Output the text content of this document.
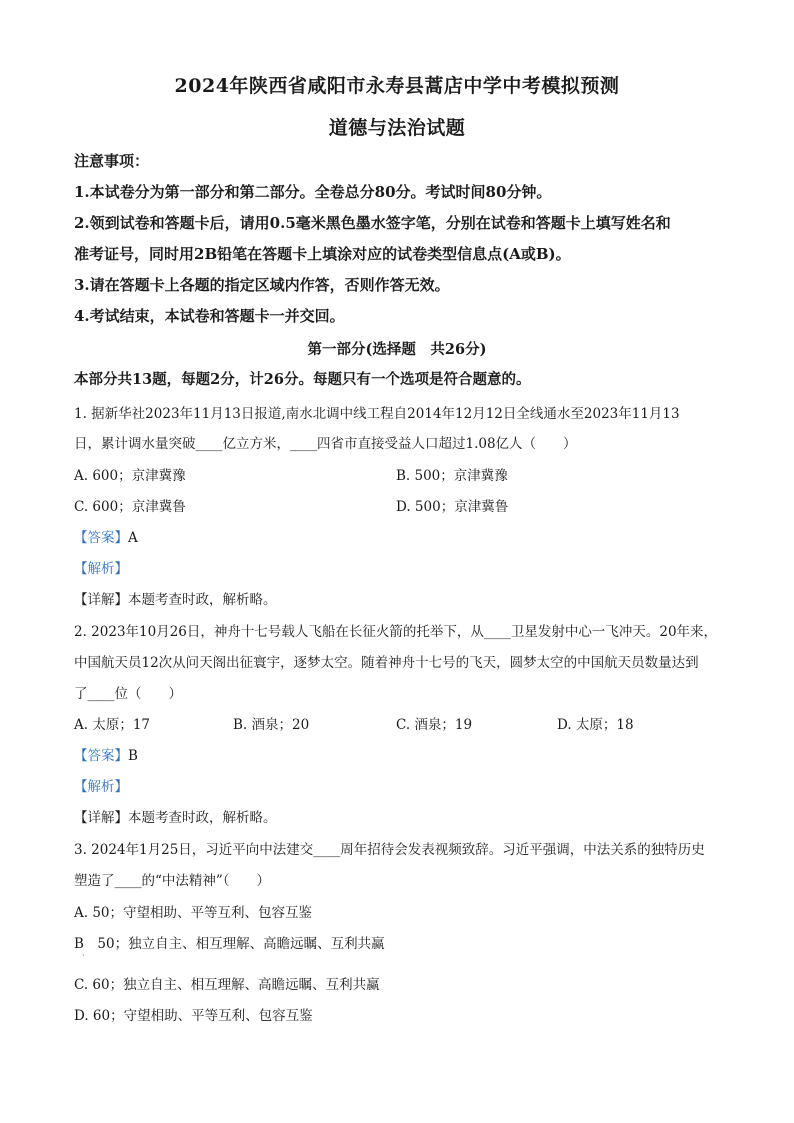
2024年陕西省咸阳市永寿县蒿店中学中考模拟预测
道德与法治试题
注意事项：
1.本试卷分为第一部分和第二部分。全卷总分80分。考试时间80分钟。
2.领到试卷和答题卡后，请用0.5毫米黑色墨水签字笔，分别在试卷和答题卡上填写姓名和
准考证号，同时用2B铅笔在答题卡上填涂对应的试卷类型信息点(A或B)。
3.请在答题卡上各题的指定区域内作答，否则作答无效。
4.考试结束，本试卷和答题卡一并交回。
第一部分(选择题　共26分)
本部分共13题，每题2分，计26分。每题只有一个选项是符合题意的。
1. 据新华社2023年11月13日报道,南水北调中线工程自2014年12月12日全线通水至2023年11月13
日，累计调水量突破____亿立方米，____四省市直接受益人口超过1.08亿人（　　）
A. 600；京津冀豫	B. 500；京津冀豫
C. 600；京津冀鲁	D. 500；京津冀鲁
【答案】A
【解析】
【详解】本题考查时政，解析略。
2. 2023年10月26日，神舟十七号载人飞船在长征火箭的托举下，从____卫星发射中心一飞冲天。20年来，
中国航天员12次从问天阁出征寰宇，逐梦太空。随着神舟十七号的飞天，圆梦太空的中国航天员数量达到
了____位（　　）
A. 太原；17	B. 酒泉；20	C. 酒泉；19	D. 太原；18
【答案】B
【解析】
【详解】本题考查时政，解析略。
3. 2024年1月25日，习近平向中法建交____周年招待会发表视频致辞。习近平强调，中法关系的独特历史
塑造了____的“中法精神”（　　）
A. 50；守望相助、平等互利、包容互鉴
B　50；独立自主、相互理解、高瞻远瞩、互利共赢
·
C. 60；独立自主、相互理解、高瞻远瞩、互利共赢
D. 60；守望相助、平等互利、包容互鉴
